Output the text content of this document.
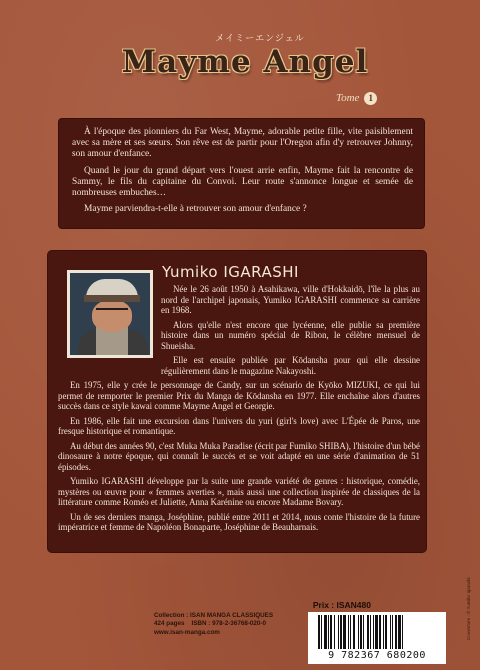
メイミーエンジェル
Mayme Angel
Tome 1

À l'époque des pionniers du Far West, Mayme, adorable petite fille, vite paisiblement avec sa mère et ses sœurs. Son rêve est de partir pour l'Oregon afin d'y retrouver Johnny, son amour d'enfance.

Quand le jour du grand départ vers l'ouest arrie enfin, Mayme fait la rencontre de Sammy, le fils du capitaine du Convoi. Leur route s'annonce longue et semée de nombreuses embuches…

Mayme parviendra-t-elle à retrouver son amour d'enfance ?

Yumiko IGARASHI

Née le 26 août 1950 à Asahikawa, ville d'Hokkaidō, l'île la plus au nord de l'archipel japonais, Yumiko IGARASHI commence sa carrière en 1968.

Alors qu'elle n'est encore que lycéenne, elle publie sa première histoire dans un numéro spécial de Ribon, le célèbre mensuel de Shueisha.

Elle est ensuite publiée par Kōdansha pour qui elle dessine régulièrement dans le magazine Nakayoshi.

En 1975, elle y crée le personnage de Candy, sur un scénario de Kyōko MIZUKI, ce qui lui permet de remporter le premier Prix du Manga de Kōdansha en 1977. Elle enchaîne alors d'autres succès dans ce style kawai comme Mayme Angel et Georgie.

En 1986, elle fait une excursion dans l'univers du yuri (girl's love) avec L'Épée de Paros, une fresque historique et romantique.

Au début des années 90, c'est Muka Muka Paradise (écrit par Fumiko SHIBA), l'histoire d'un bébé dinosaure à notre époque, qui connaît le succès et se voit adapté en une série d'animation de 51 épisodes.

Yumiko IGARASHI développe par la suite une grande variété de genres : historique, comédie, mystères ou œuvre pour « femmes averties », mais aussi une collection inspirée de classiques de la littérature comme Roméo et Juliette, Anna Karénine ou encore Madame Bovary.

Un de ses derniers manga, Joséphine, publié entre 2011 et 2014, nous conte l'histoire de la future impératrice et femme de Napoléon Bonaparte, Joséphine de Beauharnais.

Prix : ISAN480
Collection : ISAN MANGA CLASSIQUES
424 pages ISBN : 978-2-36768-020-0
www.isan-manga.com
9 782367 680200
Couverture : © Yumiko Igarashi
